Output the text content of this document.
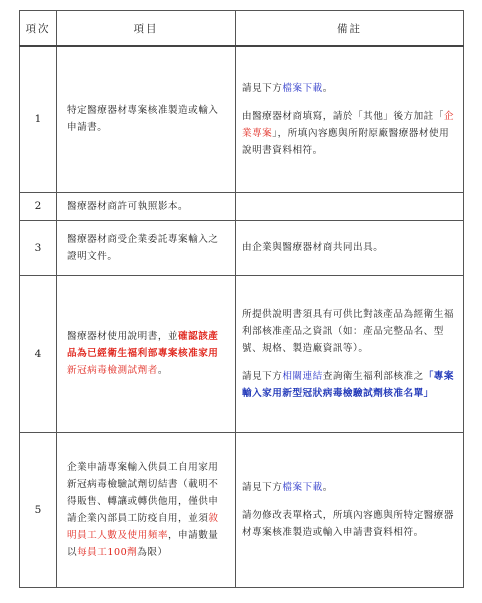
項次	項目	備註
1	特定醫療器材專案核准製造或輸入申請書。	請見下方檔案下載。

由醫療器材商填寫，請於「其他」後方加註「企業專案」，所填內容應與所附原廠醫療器材使用說明書資料相符。

2	醫療器材商許可執照影本。	
3	醫療器材商受企業委託專案輸入之證明文件。	由企業與醫療器材商共同出具。
4	醫療器材使用說明書，並確認該產品為已經衛生福利部專案核准家用新冠病毒檢測試劑者。	所提供說明書須具有可供比對該產品為經衛生福利部核准產品之資訊（如：產品完整品名、型號、規格、製造廠資訊等）。

請見下方相關連結查詢衛生福利部核准之「專案輸入家用新型冠狀病毒檢驗試劑核准名單」

5	企業申請專案輸入供員工自用家用新冠病毒檢驗試劑切結書（載明不得販售、轉讓或轉供他用，僅供申請企業內部員工防疫自用，並須敘明員工人數及使用頻率，申請數量以每員工100劑為限）	請見下方檔案下載。

請勿修改表單格式，所填內容應與所特定醫療器材專案核准製造或輸入申請書資料相符。
